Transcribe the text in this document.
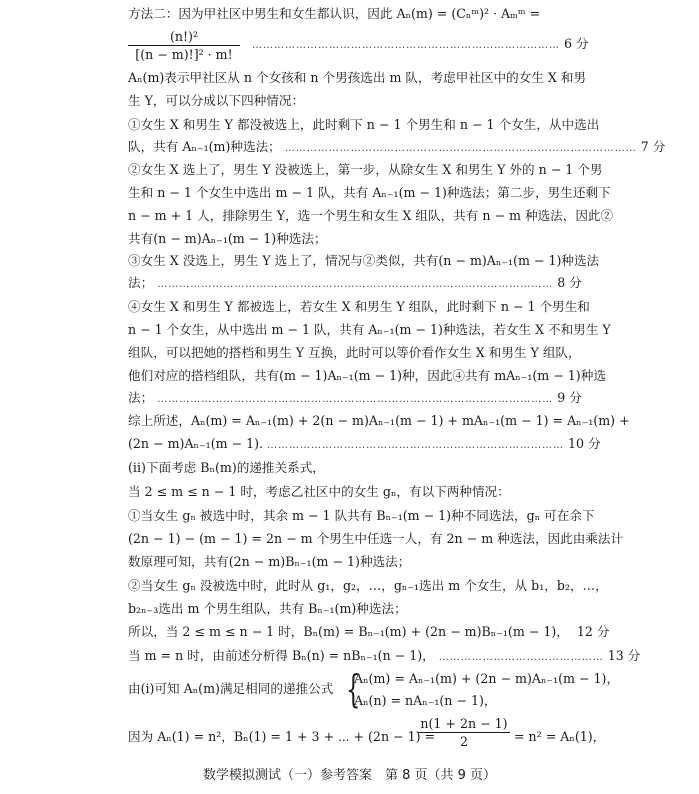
方法二：因为甲社区中男生和女生都认识，因此 Aₙ(m) = (Cₙᵐ)² · Aₘᵐ =
(n!)²
[(n − m)!]² · m!
………………………………………………………………………… 6 分
Aₙ(m)表示甲社区从 n 个女孩和 n 个男孩选出 m 队，考虑甲社区中的女生 X 和男
生 Y，可以分成以下四种情况：
①女生 X 和男生 Y 都没被选上，此时剩下 n − 1 个男生和 n − 1 个女生，从中选出
队，共有 Aₙ₋₁(m)种选法； …………………………………………………………………………………… 7 分
②女生 X 选上了，男生 Y 没被选上，第一步，从除女生 X 和男生 Y 外的 n − 1 个男
生和 n − 1 个女生中选出 m − 1 队，共有 Aₙ₋₁(m − 1)种选法；第二步，男生还剩下
n − m + 1 人，排除男生 Y，选一个男生和女生 X 组队，共有 n − m 种选法，因此②
共有(n − m)Aₙ₋₁(m − 1)种选法；
③女生 X 没选上，男生 Y 选上了，情况与②类似，共有(n − m)Aₙ₋₁(m − 1)种选法
法； ……………………………………………………………………………………………… 8 分
④女生 X 和男生 Y 都被选上，若女生 X 和男生 Y 组队，此时剩下 n − 1 个男生和
n − 1 个女生，从中选出 m − 1 队，共有 Aₙ₋₁(m − 1)种选法，若女生 X 不和男生 Y
组队，可以把她的搭档和男生 Y 互换，此时可以等价看作女生 X 和男生 Y 组队，
他们对应的搭档组队，共有(m − 1)Aₙ₋₁(m − 1)种，因此④共有 mAₙ₋₁(m − 1)种选
法； ……………………………………………………………………………………………… 9 分
综上所述，Aₙ(m) = Aₙ₋₁(m) + 2(n − m)Aₙ₋₁(m − 1) + mAₙ₋₁(m − 1) = Aₙ₋₁(m) +
(2n − m)Aₙ₋₁(m − 1). ……………………………………………………………………… 10 分
(ii)下面考虑 Bₙ(m)的递推关系式，
当 2 ≤ m ≤ n − 1 时，考虑乙社区中的女生 gₙ，有以下两种情况：
①当女生 gₙ 被选中时，其余 m − 1 队共有 Bₙ₋₁(m − 1)种不同选法，gₙ 可在余下
(2n − 1) − (m − 1) = 2n − m 个男生中任选一人，有 2n − m 种选法，因此由乘法计
数原理可知，共有(2n − m)Bₙ₋₁(m − 1)种选法；
②当女生 gₙ 没被选中时，此时从 g₁，g₂，…，gₙ₋₁选出 m 个女生，从 b₁，b₂，…，
b₂ₙ₋₃选出 m 个男生组队，共有 Bₙ₋₁(m)种选法；
所以，当 2 ≤ m ≤ n − 1 时，Bₙ(m) = Bₙ₋₁(m) + (2n − m)Bₙ₋₁(m − 1)， 12 分
当 m = n 时，由前述分析得 Bₙ(n) = nBₙ₋₁(n − 1)， ……………………………………… 13 分
由(i)可知 Aₙ(m)满足相同的递推公式 {
Aₙ(m) = Aₙ₋₁(m) + (2n − m)Aₙ₋₁(m − 1)，
Aₙ(n) = nAₙ₋₁(n − 1)，
因为 Aₙ(1) = n²，Bₙ(1) = 1 + 3 + ⋯ + (2n − 1) =
n(1 + 2n − 1)
2	= n² = Aₙ(1)，
数学模拟测试（一）参考答案　第 8 页（共 9 页）
